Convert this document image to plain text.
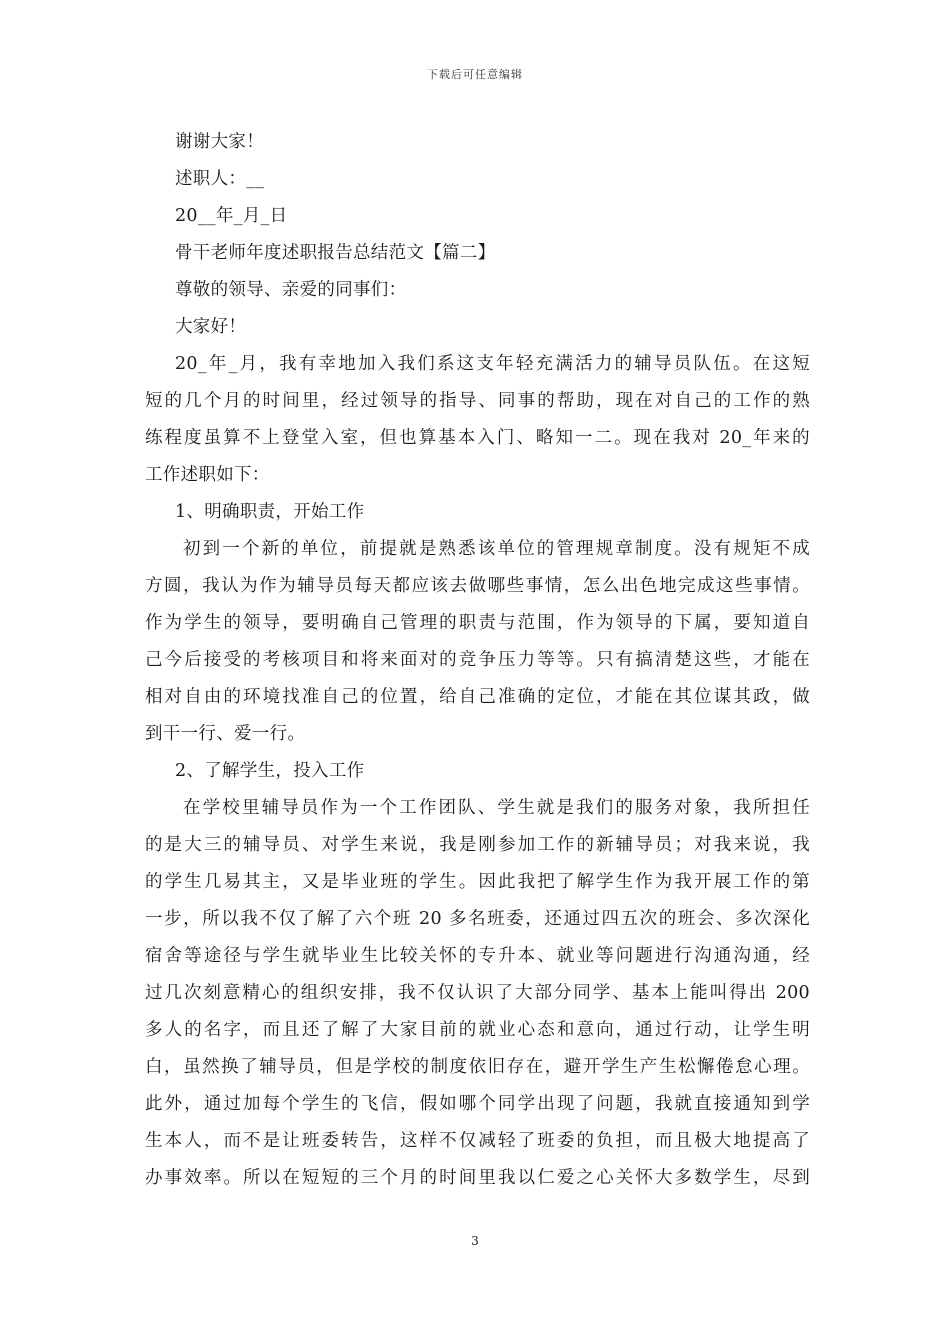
下载后可任意编辑

谢谢大家！

述职人：__

20__年_月_日

骨干老师年度述职报告总结范文【篇二】

尊敬的领导、亲爱的同事们：

大家好！

20_年_月，我有幸地加入我们系这支年轻充满活力的辅导员队伍。在这短

短的几个月的时间里，经过领导的指导、同事的帮助，现在对自己的工作的熟

练程度虽算不上登堂入室，但也算基本入门、略知一二。现在我对 20_年来的

工作述职如下：

1、明确职责，开始工作

初到一个新的单位，前提就是熟悉该单位的管理规章制度。没有规矩不成

方圆，我认为作为辅导员每天都应该去做哪些事情，怎么出色地完成这些事情。

作为学生的领导，要明确自己管理的职责与范围，作为领导的下属，要知道自

己今后接受的考核项目和将来面对的竞争压力等等。只有搞清楚这些，才能在

相对自由的环境找准自己的位置，给自己准确的定位，才能在其位谋其政，做

到干一行、爱一行。

2、了解学生，投入工作

在学校里辅导员作为一个工作团队、学生就是我们的服务对象，我所担任

的是大三的辅导员、对学生来说，我是刚参加工作的新辅导员；对我来说，我

的学生几易其主，又是毕业班的学生。因此我把了解学生作为我开展工作的第

一步，所以我不仅了解了六个班 20 多名班委，还通过四五次的班会、多次深化

宿舍等途径与学生就毕业生比较关怀的专升本、就业等问题进行沟通沟通，经

过几次刻意精心的组织安排，我不仅认识了大部分同学、基本上能叫得出 200

多人的名字，而且还了解了大家目前的就业心态和意向，通过行动，让学生明

白，虽然换了辅导员，但是学校的制度依旧存在，避开学生产生松懈倦怠心理。

此外，通过加每个学生的飞信，假如哪个同学出现了问题，我就直接通知到学

生本人，而不是让班委转告，这样不仅减轻了班委的负担，而且极大地提高了

办事效率。所以在短短的三个月的时间里我以仁爱之心关怀大多数学生，尽到

3
